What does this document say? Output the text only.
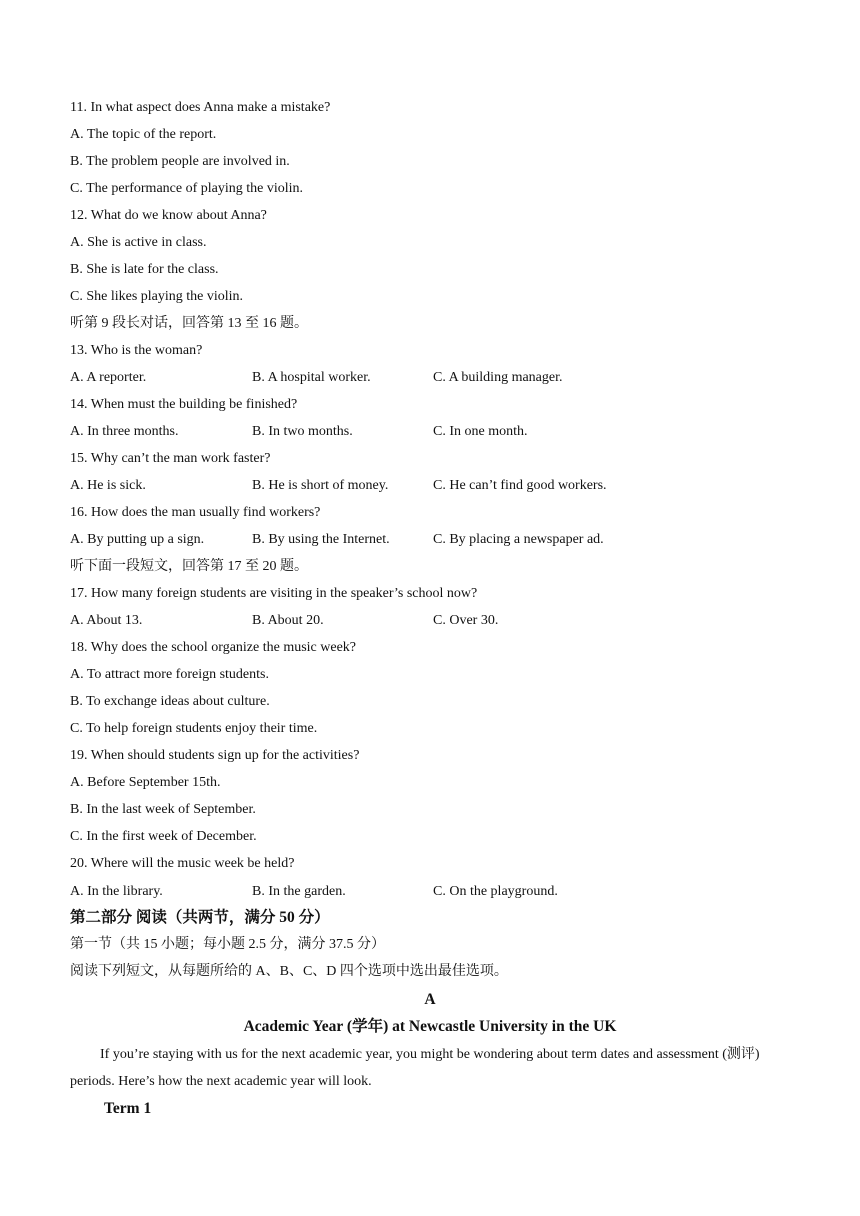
11. In what aspect does Anna make a mistake?
A. The topic of the report.
B. The problem people are involved in.
C. The performance of playing the violin.
12. What do we know about Anna?
A. She is active in class.
B. She is late for the class.
C. She likes playing the violin.
听第 9 段长对话，回答第 13 至 16 题。
13. Who is the woman?
A. A reporter.	B. A hospital worker.	C. A building manager.
14. When must the building be finished?
A. In three months.	B. In two months.	C. In one month.
15. Why can’t the man work faster?
A. He is sick.	B. He is short of money.	C. He can’t find good workers.
16. How does the man usually find workers?
A. By putting up a sign.	B. By using the Internet.	C. By placing a newspaper ad.
听下面一段短文，回答第 17 至 20 题。
17. How many foreign students are visiting in the speaker’s school now?
A. About 13.	B. About 20.	C. Over 30.
18. Why does the school organize the music week?
A. To attract more foreign students.
B. To exchange ideas about culture.
C. To help foreign students enjoy their time.
19. When should students sign up for the activities?
A. Before September 15th.
B. In the last week of September.
C. In the first week of December.
20. Where will the music week be held?
A. In the library.	B. In the garden.	C. On the playground.
第二部分 阅读（共两节，满分 50 分）
第一节（共 15 小题；每小题 2.5 分，满分 37.5 分）
阅读下列短文，从每题所给的 A、B、C、D 四个选项中选出最佳选项。
A
Academic Year (学年) at Newcastle University in the UK
If you’re staying with us for the next academic year, you might be wondering about term dates and assessment (测评) periods. Here’s how the next academic year will look.
Term 1
